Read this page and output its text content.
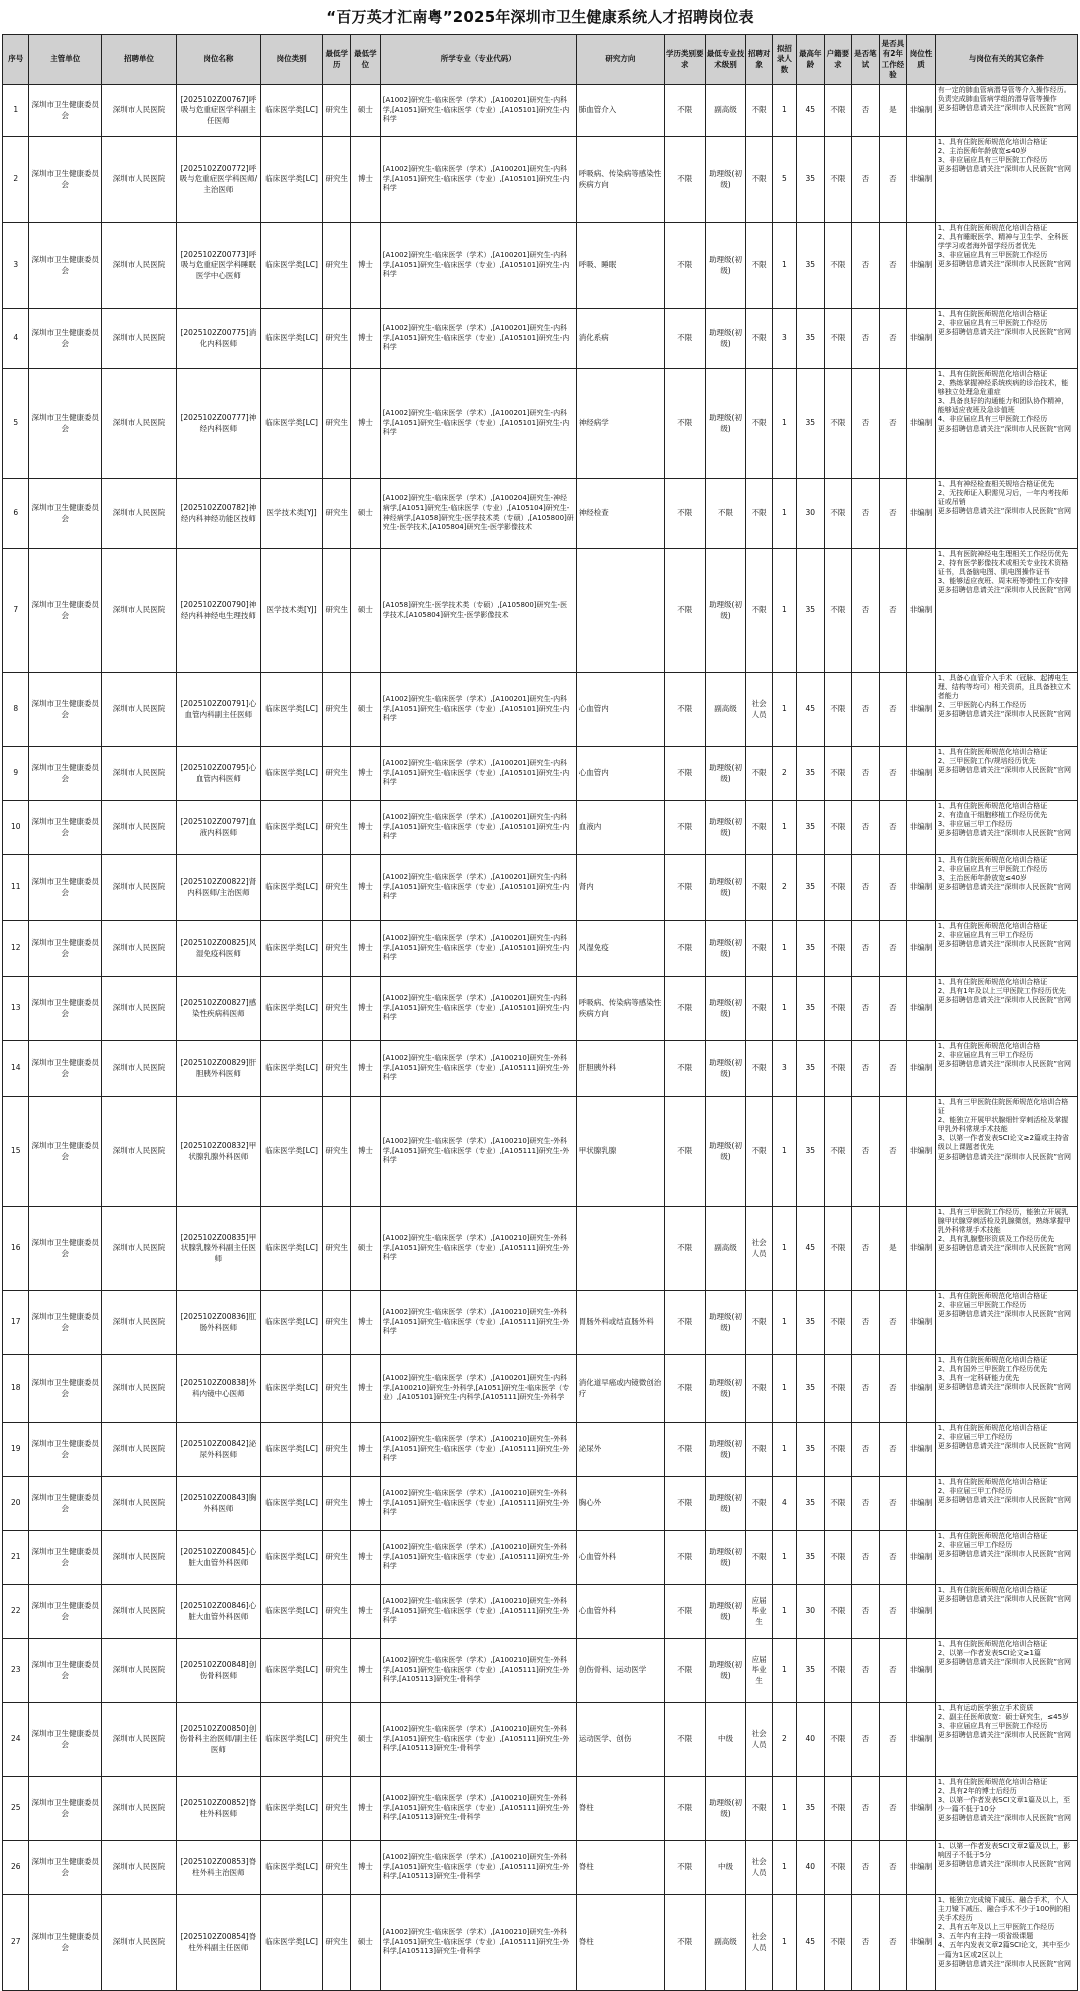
“百万英才汇南粤”2025年深圳市卫生健康系统人才招聘岗位表
序号	主管单位	招聘单位	岗位名称	岗位类别	最低学历	最低学位	所学专业（专业代码）	研究方向	学历类别要求	最低专业技术级别	招聘对象	拟招录人数	最高年龄	户籍要求	是否笔试	是否具有2年工作经验	岗位性质	与岗位有关的其它条件
1	深圳市卫生健康委员会	深圳市人民医院	[2025102Z00767]呼吸与危重症医学科副主任医师	临床医学类[LC]	研究生	硕士	[A1002]研究生-临床医学（学术）,[A100201]研究生-内科学,[A1051]研究生-临床医学（专业）,[A105101]研究生-内科学	肺血管介入	不限	副高级	不限	1	45	不限	否	是	非编制	有一定的肺血管病潜导管等介入操作经历。负责完成肺血管病学组的潜导管等操作
更多招聘信息请关注“深圳市人民医院”官网
2	深圳市卫生健康委员会	深圳市人民医院	[2025102Z00772]呼吸与危重症医学科医师/主治医师	临床医学类[LC]	研究生	博士	[A1002]研究生-临床医学（学术）,[A100201]研究生-内科学,[A1051]研究生-临床医学（专业）,[A105101]研究生-内科学	呼吸病、传染病等感染性疾病方向	不限	助理级(初级)	不限	5	35	不限	否	否	非编制	1、具有住院医师规范化培训合格证
2、主治医师年龄放宽≤40岁
3、非应届应具有三甲医院工作经历
更多招聘信息请关注“深圳市人民医院”官网
3	深圳市卫生健康委员会	深圳市人民医院	[2025102Z00773]呼吸与危重症医学科睡眠医学中心医师	临床医学类[LC]	研究生	博士	[A1002]研究生-临床医学（学术）,[A100201]研究生-内科学,[A1051]研究生-临床医学（专业）,[A105101]研究生-内科学	呼吸、睡眠	不限	助理级(初级)	不限	1	35	不限	否	否	非编制	1、具有住院医师规范化培训合格证
2、具有睡眠医学、精神与卫生学、全科医学学习或者海外留学经历者优先
3、非应届应具有三甲医院工作经历
更多招聘信息请关注“深圳市人民医院”官网
4	深圳市卫生健康委员会	深圳市人民医院	[2025102Z00775]消化内科医师	临床医学类[LC]	研究生	博士	[A1002]研究生-临床医学（学术）,[A100201]研究生-内科学,[A1051]研究生-临床医学（专业）,[A105101]研究生-内科学	消化系病	不限	助理级(初级)	不限	3	35	不限	否	否	非编制	1、具有住院医师规范化培训合格证
2、非应届应具有三甲医院工作经历
更多招聘信息请关注“深圳市人民医院”官网
5	深圳市卫生健康委员会	深圳市人民医院	[2025102Z00777]神经内科医师	临床医学类[LC]	研究生	博士	[A1002]研究生-临床医学（学术）,[A100201]研究生-内科学,[A1051]研究生-临床医学（专业）,[A105101]研究生-内科学	神经病学	不限	助理级(初级)	不限	1	35	不限	否	否	非编制	1、具有住院医师规范化培训合格证
2、熟练掌握神经系统疾病的诊治技术，能够独立处理急危重症
3、具备良好的沟通能力和团队协作精神，能够适应夜班及急诊值班
4、非应届应具有三甲医院工作经历
更多招聘信息请关注“深圳市人民医院”官网
6	深圳市卫生健康委员会	深圳市人民医院	[2025102Z00782]神经内科神经功能区技师	医学技术类[YJ]	研究生	硕士	[A1002]研究生-临床医学（学术）,[A100204]研究生-神经病学,[A1051]研究生-临床医学（专业）,[A105104]研究生-神经病学,[A1058]研究生-医学技术类（专硕）,[A105800]研究生-医学技术,[A105804]研究生-医学影像技术	神经检查	不限	不限	不限	1	30	不限	否	否	非编制	1、具有神经检查相关规培合格证优先
2、无技师证入职需见习后，一年内考技师证或吊销
更多招聘信息请关注“深圳市人民医院”官网
7	深圳市卫生健康委员会	深圳市人民医院	[2025102Z00790]神经内科神经电生理技师	医学技术类[YJ]	研究生	硕士	[A1058]研究生-医学技术类（专硕）,[A105800]研究生-医学技术,[A105804]研究生-医学影像技术		不限	助理级(初级)	不限	1	35	不限	否	否	非编制	1、具有医院神经电生理相关工作经历优先
2、持有医学影像技术或相关专业技术资格证书，具备脑电图、肌电图操作证书
3、能够适应夜班、周末班等弹性工作安排
更多招聘信息请关注“深圳市人民医院”官网
8	深圳市卫生健康委员会	深圳市人民医院	[2025102Z00791]心血管内科副主任医师	临床医学类[LC]	研究生	硕士	[A1002]研究生-临床医学（学术）,[A100201]研究生-内科学,[A1051]研究生-临床医学（专业）,[A105101]研究生-内科学	心血管内	不限	副高级	社会人员	1	45	不限	否	否	非编制	1、具备心血管介入手术（冠脉、起搏电生理、结构等均可）相关资质，且具备独立术者能力
2、三甲医院心内科工作经历
更多招聘信息请关注“深圳市人民医院”官网
9	深圳市卫生健康委员会	深圳市人民医院	[2025102Z00795]心血管内科医师	临床医学类[LC]	研究生	博士	[A1002]研究生-临床医学（学术）,[A100201]研究生-内科学,[A1051]研究生-临床医学（专业）,[A105101]研究生-内科学	心血管内	不限	助理级(初级)	不限	2	35	不限	否	否	非编制	1、具有住院医师规范化培训合格证
2、三甲医院工作/规培经历优先
更多招聘信息请关注“深圳市人民医院”官网
10	深圳市卫生健康委员会	深圳市人民医院	[2025102Z00797]血液内科医师	临床医学类[LC]	研究生	博士	[A1002]研究生-临床医学（学术）,[A100201]研究生-内科学,[A1051]研究生-临床医学（专业）,[A105101]研究生-内科学	血液内	不限	助理级(初级)	不限	1	35	不限	否	否	非编制	1、具有住院医师规范化培训合格证
2、有造血干细胞移植工作经历优先
3、非应届三甲工作经历
更多招聘信息请关注“深圳市人民医院”官网
11	深圳市卫生健康委员会	深圳市人民医院	[2025102Z00822]肾内科医师/主治医师	临床医学类[LC]	研究生	博士	[A1002]研究生-临床医学（学术）,[A100201]研究生-内科学,[A1051]研究生-临床医学（专业）,[A105101]研究生-内科学	肾内	不限	助理级(初级)	不限	2	35	不限	否	否	非编制	1、具有住院医师规范化培训合格证
2、非应届应具有三甲医院工作经历
3、主治医师年龄放宽≤40岁
更多招聘信息请关注“深圳市人民医院”官网
12	深圳市卫生健康委员会	深圳市人民医院	[2025102Z00825]风湿免疫科医师	临床医学类[LC]	研究生	博士	[A1002]研究生-临床医学（学术）,[A100201]研究生-内科学,[A1051]研究生-临床医学（专业）,[A105101]研究生-内科学	风湿免疫	不限	助理级(初级)	不限	1	35	不限	否	否	非编制	1、具有住院医师规范化培训合格证
2、非应届应具有三甲工作经历
更多招聘信息请关注“深圳市人民医院”官网
13	深圳市卫生健康委员会	深圳市人民医院	[2025102Z00827]感染性疾病科医师	临床医学类[LC]	研究生	博士	[A1002]研究生-临床医学（学术）,[A100201]研究生-内科学,[A1051]研究生-临床医学（专业）,[A105101]研究生-内科学	呼吸病、传染病等感染性疾病方向	不限	助理级(初级)	不限	1	35	不限	否	否	非编制	1、具有住院医师规范化培训合格证
2、具有1年及以上三甲医院工作经历优先
更多招聘信息请关注“深圳市人民医院”官网
14	深圳市卫生健康委员会	深圳市人民医院	[2025102Z00829]肝胆胰外科医师	临床医学类[LC]	研究生	博士	[A1002]研究生-临床医学（学术）,[A100210]研究生-外科学,[A1051]研究生-临床医学（专业）,[A105111]研究生-外科学	肝胆胰外科	不限	助理级(初级)	不限	3	35	不限	否	否	非编制	1、具有住院医师规范化培训合格
2、非应届应具有三甲工作经历
更多招聘信息请关注“深圳市人民医院”官网
15	深圳市卫生健康委员会	深圳市人民医院	[2025102Z00832]甲状腺乳腺外科医师	临床医学类[LC]	研究生	博士	[A1002]研究生-临床医学（学术）,[A100210]研究生-外科学,[A1051]研究生-临床医学（专业）,[A105111]研究生-外科学	甲状腺乳腺	不限	助理级(初级)	不限	1	35	不限	否	否	非编制	1、具有三甲医院住院医师规范化培训合格证
2、能独立开展甲状腺细针穿刺活检及掌握甲乳外科常规手术技能
3、以第一作者发表SCI论文≥2篇或主持省级以上课题者优先
更多招聘信息请关注“深圳市人民医院”官网
16	深圳市卫生健康委员会	深圳市人民医院	[2025102Z00835]甲状腺乳腺外科副主任医师	临床医学类[LC]	研究生	硕士	[A1002]研究生-临床医学（学术）,[A100210]研究生-外科学,[A1051]研究生-临床医学（专业）,[A105111]研究生-外科学		不限	副高级	社会人员	1	45	不限	否	是	非编制	1、具有三甲医院工作经历，能独立开展乳腺甲状腺穿刺活检及乳腺微创，熟练掌握甲乳外科常规手术技能
2、具有乳腺整形资质及工作经历优先
更多招聘信息请关注“深圳市人民医院”官网
17	深圳市卫生健康委员会	深圳市人民医院	[2025102Z00836]肛肠外科医师	临床医学类[LC]	研究生	博士	[A1002]研究生-临床医学（学术）,[A100210]研究生-外科学,[A1051]研究生-临床医学（专业）,[A105111]研究生-外科学	胃肠外科或结直肠外科	不限	助理级(初级)	不限	1	35	不限	否	否	非编制	1、具有住院医师规范化培训合格证
2、非应届三甲医院工作经历
更多招聘信息请关注“深圳市人民医院”官网
18	深圳市卫生健康委员会	深圳市人民医院	[2025102Z00838]外科内镜中心医师	临床医学类[LC]	研究生	博士	[A1002]研究生-临床医学（学术）,[A100201]研究生-内科学,[A100210]研究生-外科学,[A1051]研究生-临床医学（专业）,[A105101]研究生-内科学,[A105111]研究生-外科学	消化道早癌或内镜微创治疗	不限	助理级(初级)	不限	1	35	不限	否	否	非编制	1、具有住院医师规范化培训合格证
2、具有国外三甲医院工作经历优先
3、具有一定科研能力优先
更多招聘信息请关注“深圳市人民医院”官网
19	深圳市卫生健康委员会	深圳市人民医院	[2025102Z00842]泌尿外科医师	临床医学类[LC]	研究生	博士	[A1002]研究生-临床医学（学术）,[A100210]研究生-外科学,[A1051]研究生-临床医学（专业）,[A105111]研究生-外科学	泌尿外	不限	助理级(初级)	不限	1	35	不限	否	否	非编制	1、具有住院医师规范化培训合格证
2、非应届三甲工作经历
更多招聘信息请关注“深圳市人民医院”官网
20	深圳市卫生健康委员会	深圳市人民医院	[2025102Z00843]胸外科医师	临床医学类[LC]	研究生	博士	[A1002]研究生-临床医学（学术）,[A100210]研究生-外科学,[A1051]研究生-临床医学（专业）,[A105111]研究生-外科学	胸心外	不限	助理级(初级)	不限	4	35	不限	否	否	非编制	1、具有住院医师规范化培训合格证
2、非应届三甲工作经历
更多招聘信息请关注“深圳市人民医院”官网
21	深圳市卫生健康委员会	深圳市人民医院	[2025102Z00845]心脏大血管外科医师	临床医学类[LC]	研究生	博士	[A1002]研究生-临床医学（学术）,[A100210]研究生-外科学,[A1051]研究生-临床医学（专业）,[A105111]研究生-外科学	心血管外科	不限	助理级(初级)	不限	1	35	不限	否	否	非编制	1、具有住院医师规范化培训合格证
2、非应届三甲工作经历
更多招聘信息请关注“深圳市人民医院”官网
22	深圳市卫生健康委员会	深圳市人民医院	[2025102Z00846]心脏大血管外科医师	临床医学类[LC]	研究生	博士	[A1002]研究生-临床医学（学术）,[A100210]研究生-外科学,[A1051]研究生-临床医学（专业）,[A105111]研究生-外科学	心血管外科	不限	助理级(初级)	应届毕业生	1	30	不限	否	否	非编制	1、具有住院医师规范化培训合格证
更多招聘信息请关注“深圳市人民医院”官网
23	深圳市卫生健康委员会	深圳市人民医院	[2025102Z00848]创伤骨科医师	临床医学类[LC]	研究生	博士	[A1002]研究生-临床医学（学术）,[A100210]研究生-外科学,[A1051]研究生-临床医学（专业）,[A105111]研究生-外科学,[A105113]研究生-骨科学	创伤骨科、运动医学	不限	助理级(初级)	应届毕业生	1	35	不限	否	否	非编制	1、具有住院医师规范化培训合格证
2、以第一作者发表SCI论文≥1篇
更多招聘信息请关注“深圳市人民医院”官网
24	深圳市卫生健康委员会	深圳市人民医院	[2025102Z00850]创伤骨科主治医师/副主任医师	临床医学类[LC]	研究生	硕士	[A1002]研究生-临床医学（学术）,[A100210]研究生-外科学,[A1051]研究生-临床医学（专业）,[A105111]研究生-外科学,[A105113]研究生-骨科学	运动医学、创伤	不限	中级	社会人员	2	40	不限	否	否	非编制	1、具有运动医学独立手术资质
2、副主任医师放宽：硕士研究生，≤45岁
3、非应届应具有三甲医院工作经历
更多招聘信息请关注“深圳市人民医院”官网
25	深圳市卫生健康委员会	深圳市人民医院	[2025102Z00852]脊柱外科医师	临床医学类[LC]	研究生	博士	[A1002]研究生-临床医学（学术）,[A100210]研究生-外科学,[A1051]研究生-临床医学（专业）,[A105111]研究生-外科学,[A105113]研究生-骨科学	脊柱	不限	助理级(初级)	不限	1	35	不限	否	否	非编制	1、具有住院医师规范化培训合格证
2、具有2年的博士后经历
3、以第一作者发表SCI文章1篇及以上，至少一篇不低于10分
更多招聘信息请关注“深圳市人民医院”官网
26	深圳市卫生健康委员会	深圳市人民医院	[2025102Z00853]脊柱外科主治医师	临床医学类[LC]	研究生	博士	[A1002]研究生-临床医学（学术）,[A100210]研究生-外科学,[A1051]研究生-临床医学（专业）,[A105111]研究生-外科学,[A105113]研究生-骨科学	脊柱	不限	中级	社会人员	1	40	不限	否	否	非编制	1、以第一作者发表SCI文章2篇及以上，影响因子不低于5分
更多招聘信息请关注“深圳市人民医院”官网
27	深圳市卫生健康委员会	深圳市人民医院	[2025102Z00854]脊柱外科副主任医师	临床医学类[LC]	研究生	硕士	[A1002]研究生-临床医学（学术）,[A100210]研究生-外科学,[A1051]研究生-临床医学（专业）,[A105111]研究生-外科学,[A105113]研究生-骨科学	脊柱	不限	副高级	社会人员	1	45	不限	否	否	非编制	1、能独立完成镜下减压、融合手术，个人主刀镜下减压、融合手术不少于100例的相关手术经历
2、具有五年及以上三甲医院工作经历
3、五年内有主持一项省级课题
4、五年内发表文章2篇SCI论文，其中至少一篇为1区或2区以上
更多招聘信息请关注“深圳市人民医院”官网
